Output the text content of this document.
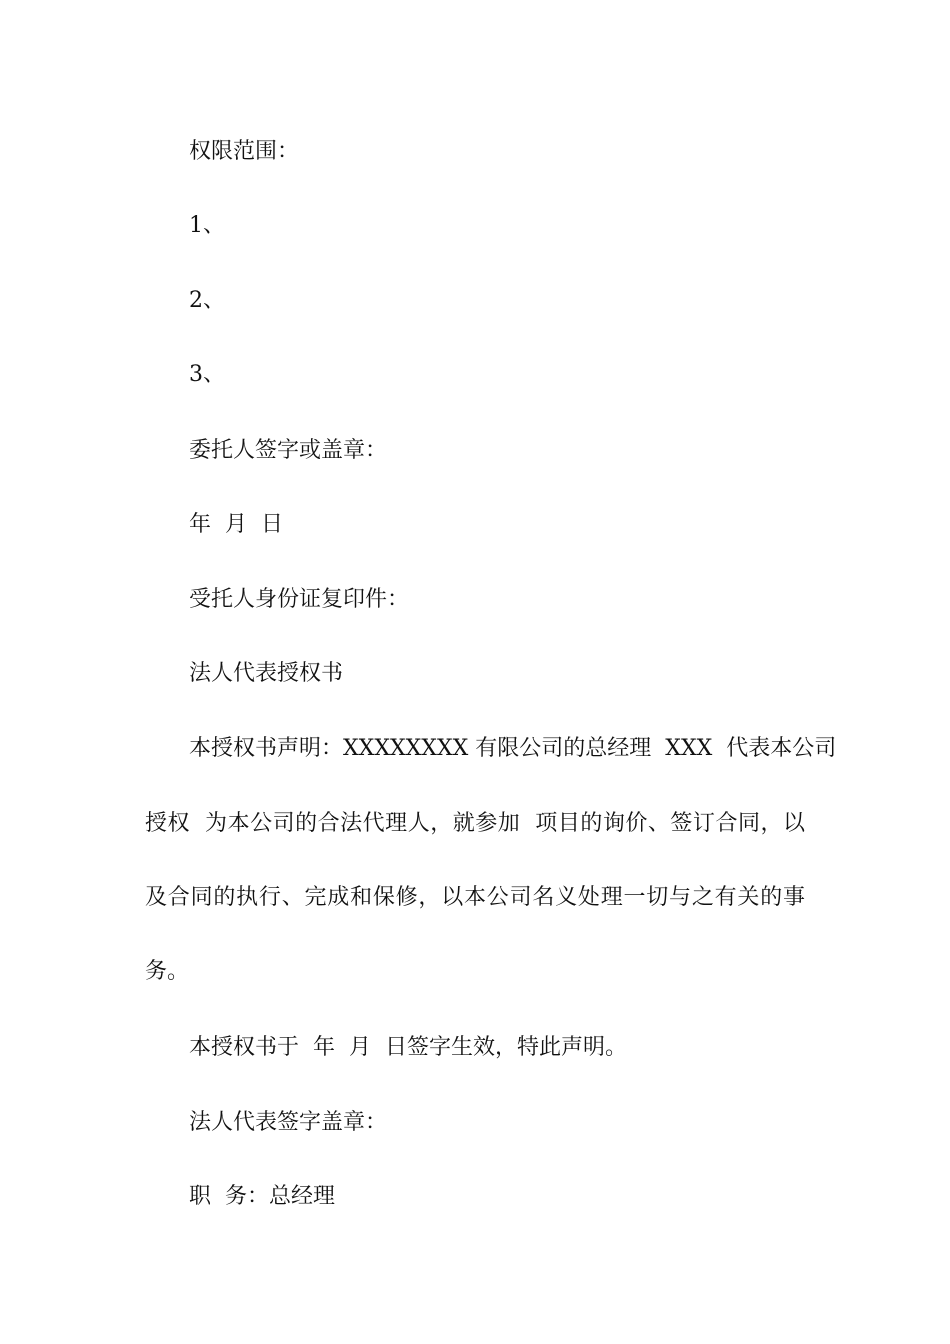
权限范围：
1、
2、
3、
委托人签字或盖章：
年  月  日
受托人身份证复印件：
法人代表授权书
本授权书声明：XXXXXXXX 有限公司的总经理  XXX  代表本公司
授权  为本公司的合法代理人，就参加  项目的询价、签订合同，以
及合同的执行、完成和保修，以本公司名义处理一切与之有关的事
务。
本授权书于  年  月  日签字生效，特此声明。
法人代表签字盖章：
职  务：总经理
